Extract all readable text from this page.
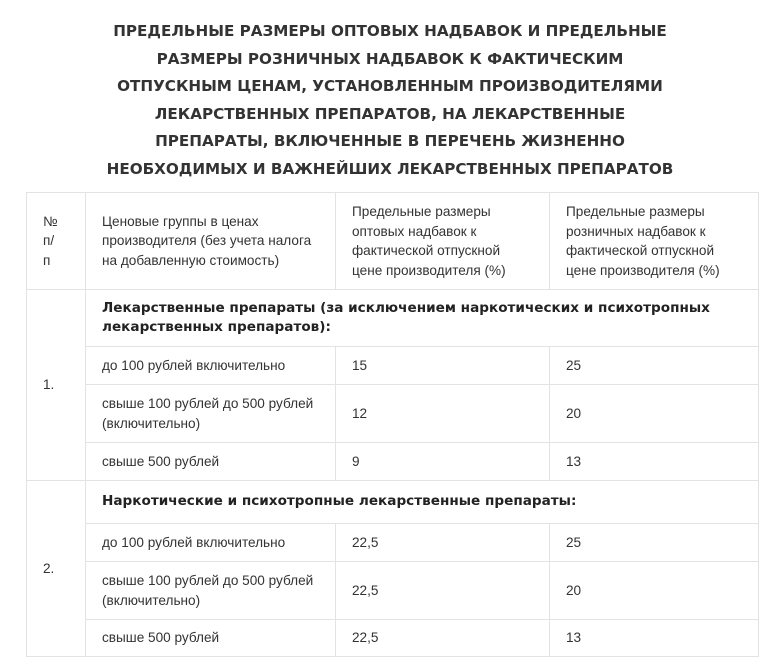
ПРЕДЕЛЬНЫЕ РАЗМЕРЫ ОПТОВЫХ НАДБАВОК И ПРЕДЕЛЬНЫЕ
РАЗМЕРЫ РОЗНИЧНЫХ НАДБАВОК К ФАКТИЧЕСКИМ
ОТПУСКНЫМ ЦЕНАМ, УСТАНОВЛЕННЫМ ПРОИЗВОДИТЕЛЯМИ
ЛЕКАРСТВЕННЫХ ПРЕПАРАТОВ, НА ЛЕКАРСТВЕННЫЕ
ПРЕПАРАТЫ, ВКЛЮЧЕННЫЕ В ПЕРЕЧЕНЬ ЖИЗНЕННО
НЕОБХОДИМЫХ И ВАЖНЕЙШИХ ЛЕКАРСТВЕННЫХ ПРЕПАРАТОВ
№
п/
п	Ценовые группы в ценах производителя (без учета налога на добавленную стоимость)	Предельные размеры оптовых надбавок к фактической отпускной цене производителя (%)	Предельные размеры розничных надбавок к фактической отпускной цене производителя (%)
1.	Лекарственные препараты (за исключением наркотических и психотропных лекарственных препаратов):		
	до 100 рублей включительно	15	25
	свыше 100 рублей до 500 рублей (включительно)	12	20
	свыше 500 рублей	9	13
2.	Наркотические и психотропные лекарственные препараты:		
	до 100 рублей включительно	22,5	25
	свыше 100 рублей до 500 рублей (включительно)	22,5	20
	свыше 500 рублей	22,5	13
